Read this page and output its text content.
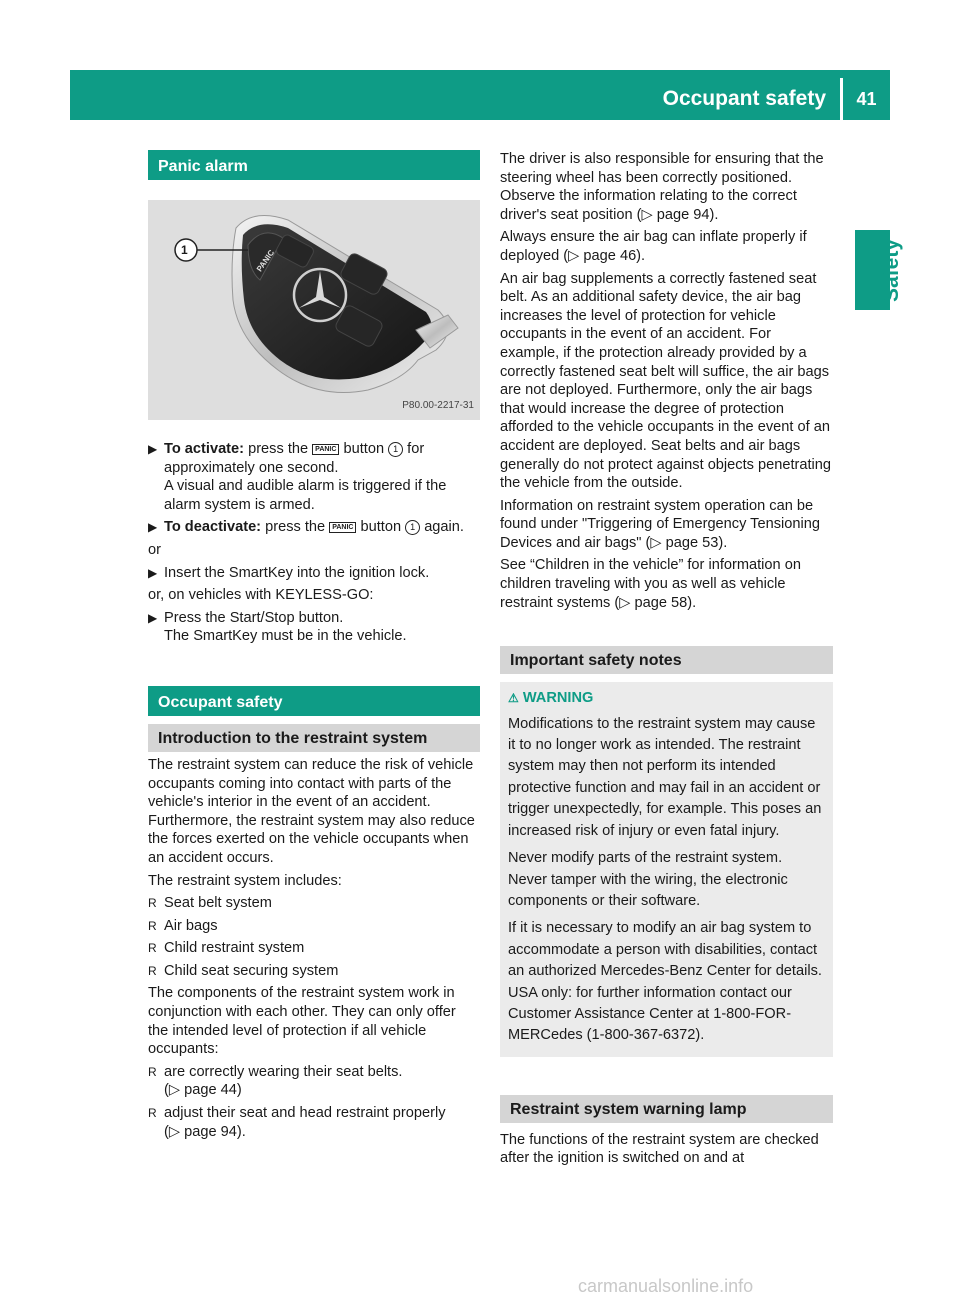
Occupant safety	41
Safety
Panic alarm
1	PANIC
P80.00-2217-31
▶ To activate: press the PANIC button 1 for approximately one second.
A visual and audible alarm is triggered if the alarm system is armed.
▶ To deactivate: press the PANIC button 1 again.

or

▶ Insert the SmartKey into the ignition lock.

or, on vehicles with KEYLESS-GO:

▶ Press the Start/Stop button.
The SmartKey must be in the vehicle.
Occupant safety
Introduction to the restraint system

The restraint system can reduce the risk of vehicle occupants coming into contact with parts of the vehicle's interior in the event of an accident. Furthermore, the restraint system may also reduce the forces exerted on the vehicle occupants when an accident occurs.

The restraint system includes:

R Seat belt system
R Air bags
R Child restraint system
R Child seat securing system

The components of the restraint system work in conjunction with each other. They can only offer the intended level of protection if all vehicle occupants:

R are correctly wearing their seat belts.
(▷ page 44)
R adjust their seat and head restraint properly
(▷ page 94).

The driver is also responsible for ensuring that the steering wheel has been correctly positioned. Observe the information relating to the correct driver's seat position (▷ page 94).

Always ensure the air bag can inflate properly if deployed (▷ page 46).

An air bag supplements a correctly fastened seat belt. As an additional safety device, the air bag increases the level of protection for vehicle occupants in the event of an accident. For example, if the protection already provided by a correctly fastened seat belt will suffice, the air bags are not deployed. Furthermore, only the air bags that would increase the degree of protection afforded to the vehicle occupants in the event of an accident are deployed. Seat belts and air bags generally do not protect against objects penetrating the vehicle from the outside.

Information on restraint system operation can be found under "Triggering of Emergency Tensioning Devices and air bags" (▷ page 53).

See “Children in the vehicle” for information on children traveling with you as well as vehicle restraint systems (▷ page 58).

Important safety notes
⚠ WARNING

Modifications to the restraint system may cause it to no longer work as intended. The restraint system may then not perform its intended protective function and may fail in an accident or trigger unexpectedly, for example. This poses an increased risk of injury or even fatal injury.

Never modify parts of the restraint system. Never tamper with the wiring, the electronic components or their software.

If it is necessary to modify an air bag system to accommodate a person with disabilities, contact an authorized Mercedes-Benz Center for details. USA only: for further information contact our Customer Assistance Center at 1-800-FOR-MERCedes (1-800-367-6372).

Restraint system warning lamp

The functions of the restraint system are checked after the ignition is switched on and at

carmanualsonline.info
